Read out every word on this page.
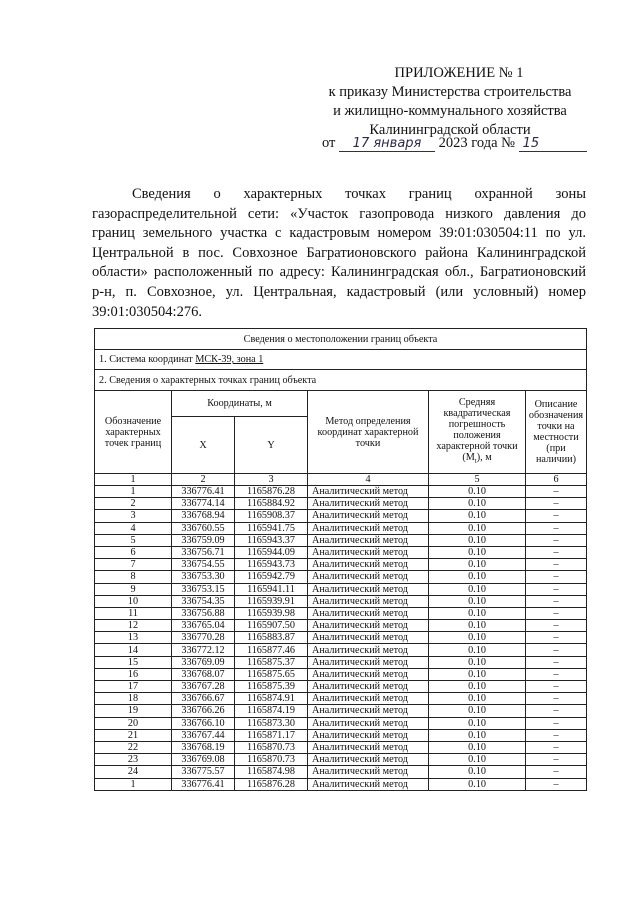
ПРИЛОЖЕНИЕ № 1
к приказу Министерства строительства
и жилищно-коммунального хозяйства
Калининградской области
от 17 января 2023 года № 15
Сведения о характерных точках границ охранной зоны газораспределительной сети: «Участок газопровода низкого давления до границ земельного участка с кадастровым номером 39:01:030504:11 по ул. Центральной в пос. Совхозное Багратионовского района Калининградской области» расположенный по адресу: Калининградская обл., Багратионовский р-н, п. Совхозное, ул. Центральная, кадастровый (или условный) номер 39:01:030504:276.
Сведения о местоположении границ объекта					
1. Система координат МСК-39, зона 1					
2. Сведения о характерных точках границ объекта					
Обозначение характерных точек границ	Координаты, м		Метод определения координат характерной точки	Средняя квадратическая погрешность положения характерной точки $(M_t)$, м	Описание обозначения точки на местности (при наличии)
	X	Y			
1	2	3	4	5	6
1	336776.41	1165876.28	Аналитический метод	0.10	–
2	336774.14	1165884.92	Аналитический метод	0.10	–
3	336768.94	1165908.37	Аналитический метод	0.10	–
4	336760.55	1165941.75	Аналитический метод	0.10	–
5	336759.09	1165943.37	Аналитический метод	0.10	–
6	336756.71	1165944.09	Аналитический метод	0.10	–
7	336754.55	1165943.73	Аналитический метод	0.10	–
8	336753.30	1165942.79	Аналитический метод	0.10	–
9	336753.15	1165941.11	Аналитический метод	0.10	–
10	336754.35	1165939.91	Аналитический метод	0.10	–
11	336756.88	1165939.98	Аналитический метод	0.10	–
12	336765.04	1165907.50	Аналитический метод	0.10	–
13	336770.28	1165883.87	Аналитический метод	0.10	–
14	336772.12	1165877.46	Аналитический метод	0.10	–
15	336769.09	1165875.37	Аналитический метод	0.10	–
16	336768.07	1165875.65	Аналитический метод	0.10	–
17	336767.28	1165875.39	Аналитический метод	0.10	–
18	336766.67	1165874.91	Аналитический метод	0.10	–
19	336766.26	1165874.19	Аналитический метод	0.10	–
20	336766.10	1165873.30	Аналитический метод	0.10	–
21	336767.44	1165871.17	Аналитический метод	0.10	–
22	336768.19	1165870.73	Аналитический метод	0.10	–
23	336769.08	1165870.73	Аналитический метод	0.10	–
24	336775.57	1165874.98	Аналитический метод	0.10	–
1	336776.41	1165876.28	Аналитический метод	0.10	–
